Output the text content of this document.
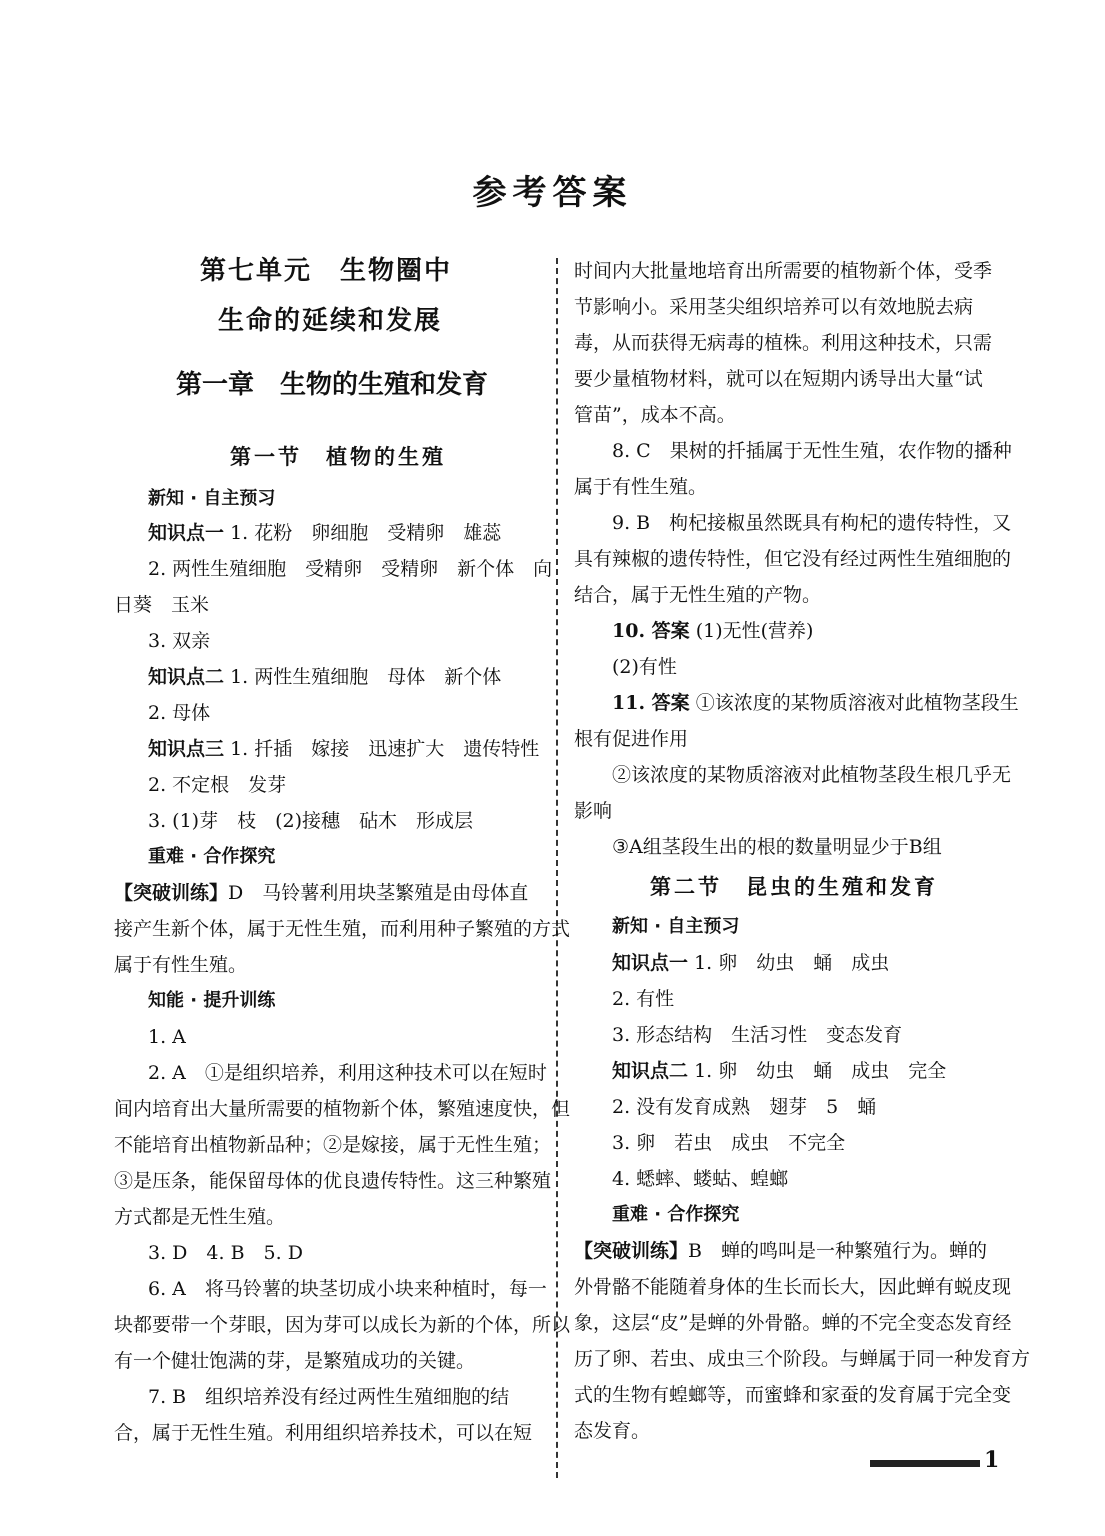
参考答案
第七单元　生物圈中
生命的延续和发展
第一章　生物的生殖和发育
第一节　植物的生殖
新知 · 自主预习
知识点一 1. 花粉　卵细胞　受精卵　雄蕊
2. 两性生殖细胞　受精卵　受精卵　新个体　向
日葵　玉米
3. 双亲
知识点二 1. 两性生殖细胞　母体　新个体
2. 母体
知识点三 1. 扦插　嫁接　迅速扩大　遗传特性
2. 不定根　发芽
3. (1)芽　枝　(2)接穗　砧木　形成层
重难 · 合作探究
【突破训练】D　马铃薯利用块茎繁殖是由母体直
接产生新个体，属于无性生殖，而利用种子繁殖的方式
属于有性生殖。
知能 · 提升训练
1. A
2. A　①是组织培养，利用这种技术可以在短时
间内培育出大量所需要的植物新个体，繁殖速度快，但
不能培育出植物新品种；②是嫁接，属于无性生殖；
③是压条，能保留母体的优良遗传特性。这三种繁殖
方式都是无性生殖。
3. D　4. B　5. D
6. A　将马铃薯的块茎切成小块来种植时，每一
块都要带一个芽眼，因为芽可以成长为新的个体，所以
有一个健壮饱满的芽，是繁殖成功的关键。
7. B　组织培养没有经过两性生殖细胞的结
合，属于无性生殖。利用组织培养技术，可以在短
时间内大批量地培育出所需要的植物新个体，受季
节影响小。采用茎尖组织培养可以有效地脱去病
毒，从而获得无病毒的植株。利用这种技术，只需
要少量植物材料，就可以在短期内诱导出大量“试
管苗”，成本不高。
8. C　果树的扦插属于无性生殖，农作物的播种
属于有性生殖。
9. B　枸杞接椒虽然既具有枸杞的遗传特性，又
具有辣椒的遗传特性，但它没有经过两性生殖细胞的
结合，属于无性生殖的产物。
10. 答案 (1)无性(营养)
(2)有性
11. 答案 ①该浓度的某物质溶液对此植物茎段生
根有促进作用
②该浓度的某物质溶液对此植物茎段生根几乎无
影响
③A组茎段生出的根的数量明显少于B组
第二节　昆虫的生殖和发育
新知 · 自主预习
知识点一 1. 卵　幼虫　蛹　成虫
2. 有性
3. 形态结构　生活习性　变态发育
知识点二 1. 卵　幼虫　蛹　成虫　完全
2. 没有发育成熟　翅芽　5　蛹
3. 卵　若虫　成虫　不完全
4. 蟋蟀、蝼蛄、蝗螂
重难 · 合作探究
【突破训练】B　蝉的鸣叫是一种繁殖行为。蝉的
外骨骼不能随着身体的生长而长大，因此蝉有蜕皮现
象，这层“皮”是蝉的外骨骼。蝉的不完全变态发育经
历了卵、若虫、成虫三个阶段。与蝉属于同一种发育方
式的生物有蝗螂等，而蜜蜂和家蚕的发育属于完全变
态发育。
1
